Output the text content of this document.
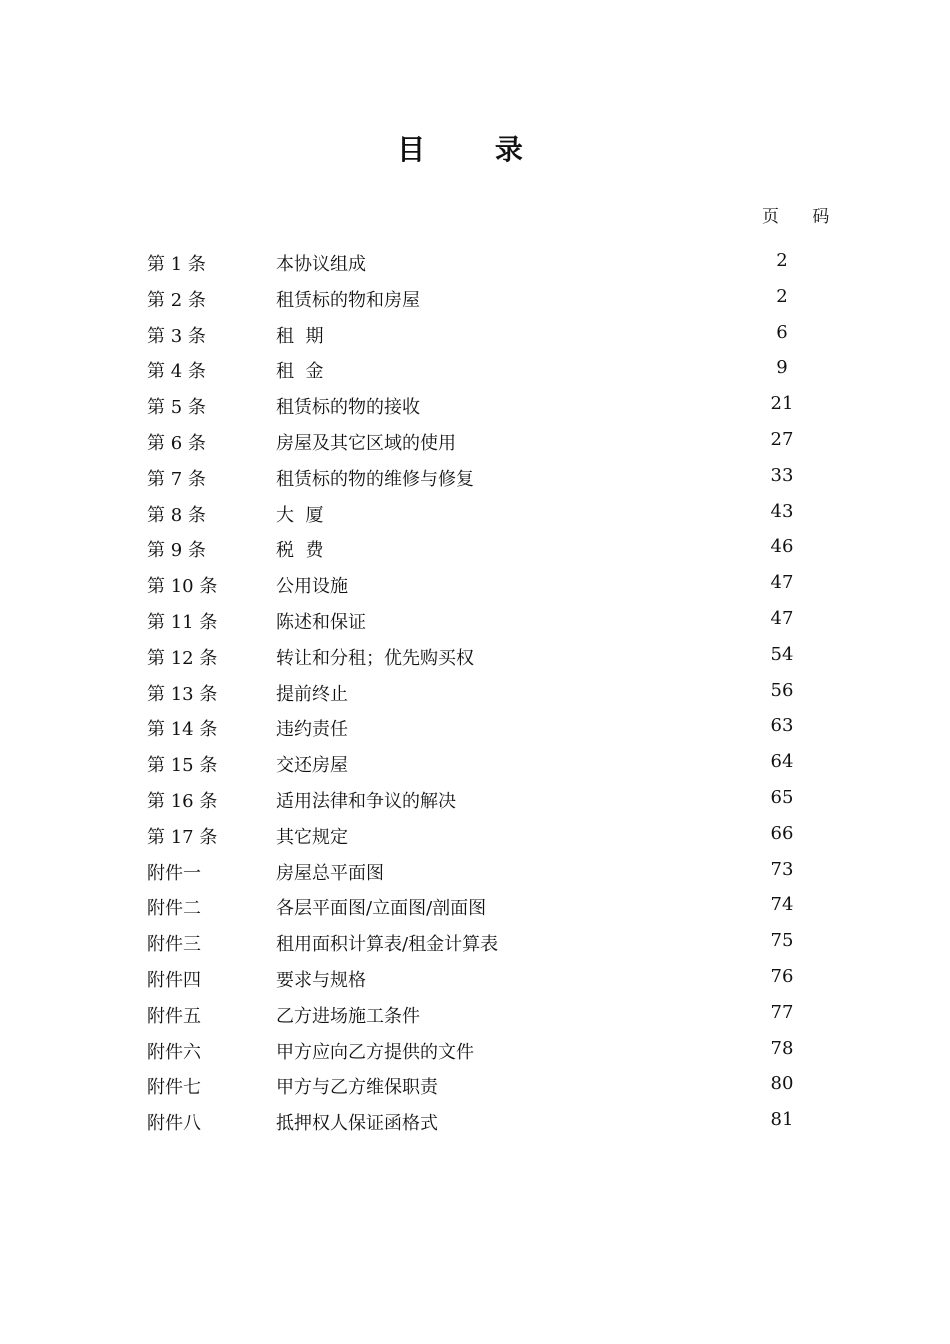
目 录
页 码
第 1 条	本协议组成	2
第 2 条	租赁标的物和房屋	2
第 3 条	租  期	6
第 4 条	租  金	9
第 5 条	租赁标的物的接收	21
第 6 条	房屋及其它区域的使用	27
第 7 条	租赁标的物的维修与修复	33
第 8 条	大  厦	43
第 9 条	税  费	46
第 10 条	公用设施	47
第 11 条	陈述和保证	47
第 12 条	转让和分租；优先购买权	54
第 13 条	提前终止	56
第 14 条	违约责任	63
第 15 条	交还房屋	64
第 16 条	适用法律和争议的解决	65
第 17 条	其它规定	66
附件一	房屋总平面图	73
附件二	各层平面图/立面图/剖面图	74
附件三	租用面积计算表/租金计算表	75
附件四	要求与规格	76
附件五	乙方进场施工条件	77
附件六	甲方应向乙方提供的文件	78
附件七	甲方与乙方维保职责	80
附件八	抵押权人保证函格式	81
